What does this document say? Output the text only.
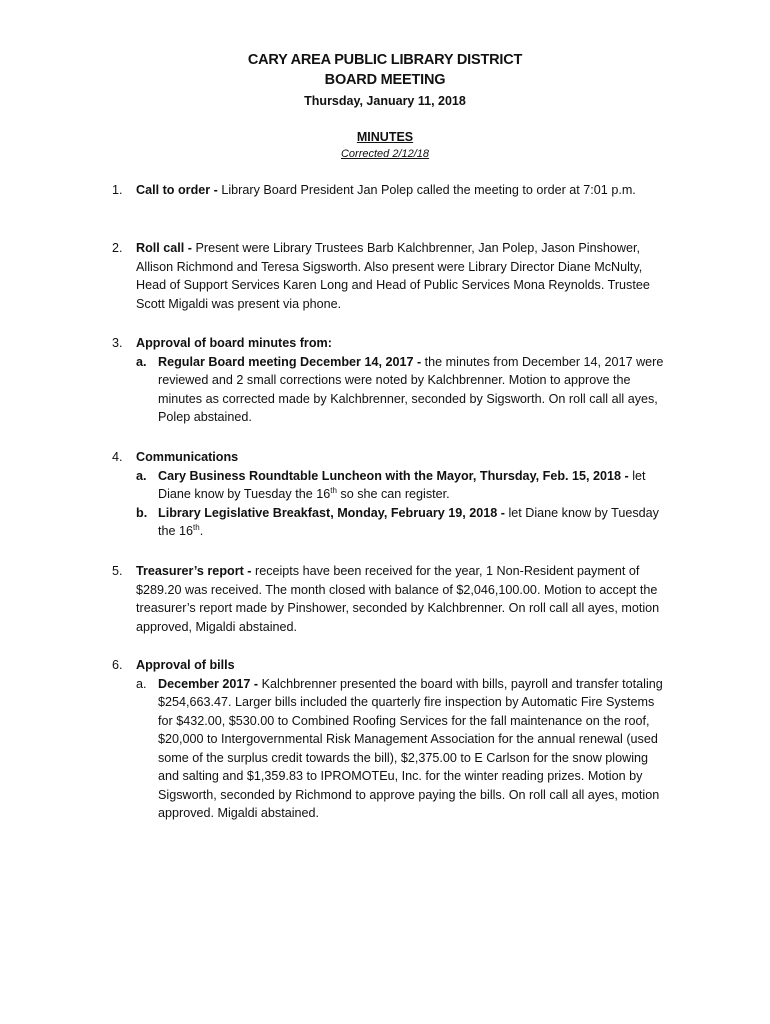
CARY AREA PUBLIC LIBRARY DISTRICT
BOARD MEETING
Thursday, January 11, 2018
MINUTES
Corrected 2/12/18
1.	Call to order - Library Board President Jan Polep called the meeting to order at 7:01 p.m.
2.	Roll call - Present were Library Trustees Barb Kalchbrenner, Jan Polep, Jason Pinshower, Allison Richmond and Teresa Sigsworth. Also present were Library Director Diane McNulty, Head of Support Services Karen Long and Head of Public Services Mona Reynolds. Trustee Scott Migaldi was present via phone.
3.	Approval of board minutes from:
a. Regular Board meeting December 14, 2017 - the minutes from December 14, 2017 were reviewed and 2 small corrections were noted by Kalchbrenner. Motion to approve the minutes as corrected made by Kalchbrenner, seconded by Sigsworth. On roll call all ayes, Polep abstained.
4.	Communications
a. Cary Business Roundtable Luncheon with the Mayor, Thursday, Feb. 15, 2018 - let Diane know by Tuesday the 16th so she can register.
b. Library Legislative Breakfast, Monday, February 19, 2018 - let Diane know by Tuesday the 16th.
5.	Treasurer’s report - receipts have been received for the year, 1 Non-Resident payment of $289.20 was received. The month closed with balance of $2,046,100.00. Motion to accept the treasurer’s report made by Pinshower, seconded by Kalchbrenner. On roll call all ayes, motion approved, Migaldi abstained.
6.	Approval of bills
a. December 2017 - Kalchbrenner presented the board with bills, payroll and transfer totaling $254,663.47. Larger bills included the quarterly fire inspection by Automatic Fire Systems for $432.00, $530.00 to Combined Roofing Services for the fall maintenance on the roof, $20,000 to Intergovernmental Risk Management Association for the annual renewal (used some of the surplus credit towards the bill), $2,375.00 to E Carlson for the snow plowing and salting and $1,359.83 to IPROMOTEu, Inc. for the winter reading prizes. Motion by Sigsworth, seconded by Richmond to approve paying the bills. On roll call all ayes, motion approved. Migaldi abstained.
